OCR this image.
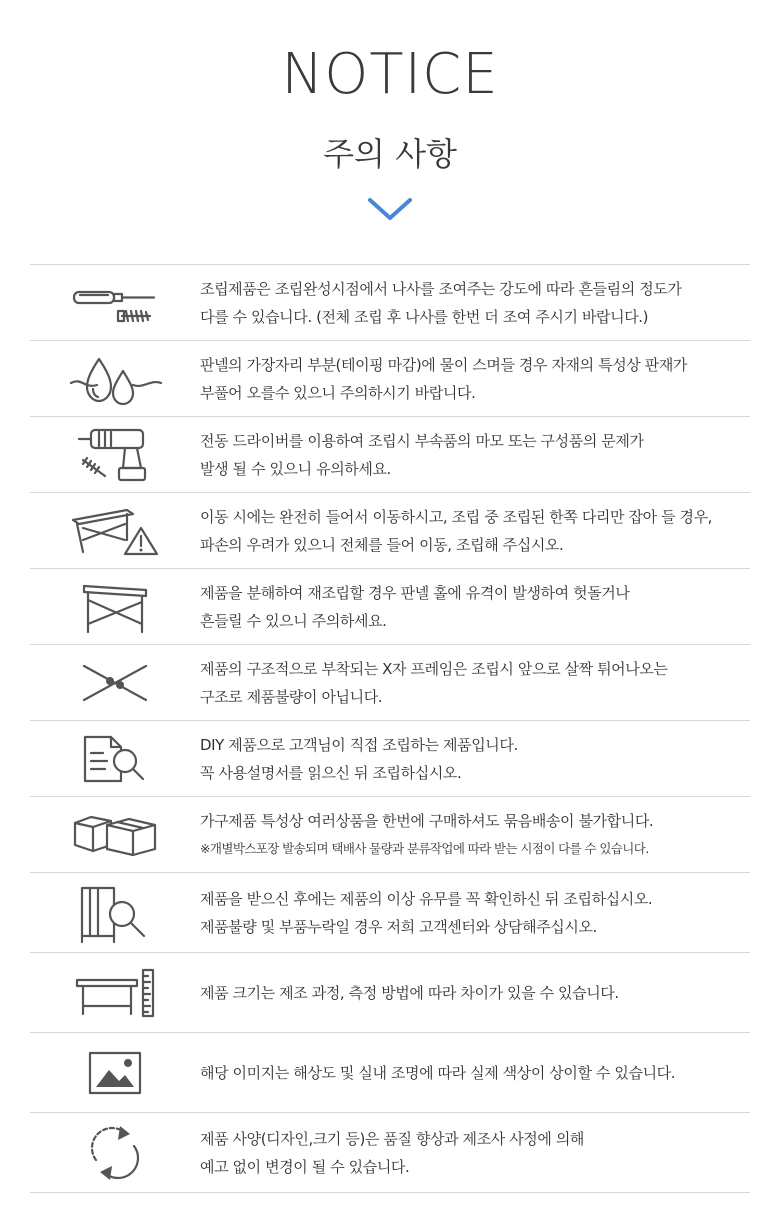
NOTICE
주의 사항
조립제품은 조립완성시점에서 나사를 조여주는 강도에 따라 흔들림의 정도가
다를 수 있습니다. (전체 조립 후 나사를 한번 더 조여 주시기 바랍니다.)
판넬의 가장자리 부분(테이핑 마감)에 물이 스며들 경우 자재의 특성상 판재가
부풀어 오를수 있으니 주의하시기 바랍니다.
전동 드라이버를 이용하여 조립시 부속품의 마모 또는 구성품의 문제가
발생 될 수 있으니 유의하세요.
이동 시에는 완전히 들어서 이동하시고, 조립 중 조립된 한쪽 다리만 잡아 들 경우,
파손의 우려가 있으니 전체를 들어 이동, 조립해 주십시오.
제품을 분해하여 재조립할 경우 판넬 홀에 유격이 발생하여 헛돌거나
흔들릴 수 있으니 주의하세요.
제품의 구조적으로 부착되는 X자 프레임은 조립시 앞으로 살짝 튀어나오는
구조로 제품불량이 아닙니다.
DIY 제품으로 고객님이 직접 조립하는 제품입니다.
꼭 사용설명서를 읽으신 뒤 조립하십시오.
가구제품 특성상 여러상품을 한번에 구매하셔도 묶음배송이 불가합니다.
※개별박스포장 발송되며 택배사 물량과 분류작업에 따라 받는 시점이 다를 수 있습니다.
제품을 받으신 후에는 제품의 이상 유무를 꼭 확인하신 뒤 조립하십시오.
제품불량 및 부품누락일 경우 저희 고객센터와 상담해주십시오.
제품 크기는 제조 과정, 측정 방법에 따라 차이가 있을 수 있습니다.
해당 이미지는 해상도 및 실내 조명에 따라 실제 색상이 상이할 수 있습니다.
제품 사양(디자인,크기 등)은 품질 향상과 제조사 사정에 의해
예고 없이 변경이 될 수 있습니다.
